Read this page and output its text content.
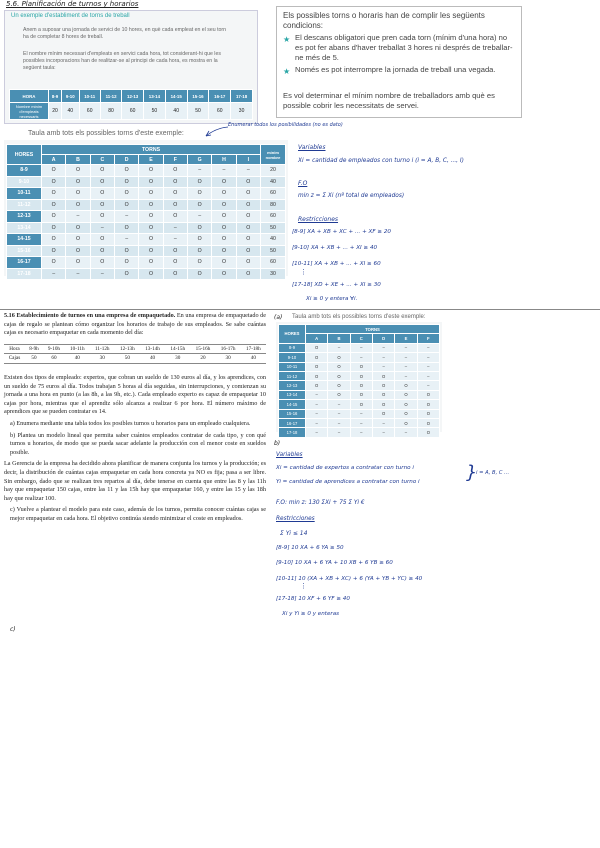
5.6. Planificación de turnos y horarios
Un exemple d'establiment de torns de treball
Anem a suposar una jornada de servici de 10 hores, en què cada empleat en el seu torn ha de completar 8 hores de treball.
El nombre mínim necessari d'empleats en servici cada hora, tot considerant-hi que les possibles incorporacions han de realitzar-se al principi de cada hora, es mostra en la següent taula:
HORA	8-9	9-10	10-11	11-12	12-13	13-14	14-15	15-16	16-17	17-18
Nombre mínim d'empleats necessaris	20	40	60	80	60	50	40	50	60	30
Els possibles torns o horaris han de complir les següents condicions:
★ El descans obligatori que pren cada torn (mínim d'una hora) no es pot fer abans d'haver treballat 3 hores ni després de treballar-ne més de 5.
★ Només es pot interrompre la jornada de treball una vegada.
Es vol determinar el mínim nombre de treballadors amb què es possible cobrir les necessitats de servei.
Taula amb tots els possibles torns d'este exemple:
Enumerar todos los posibilidades (no es dato)
HORES	TORNS									mínim nombre
	A	B	C	D	E	F	G	H	I	
8-9	O	O	O	O	O	O	–	–	–	20
9-10	O	O	O	O	O	O	O	O	O	40
10-11	O	O	O	O	O	O	O	O	O	60
11-12	O	O	O	O	O	O	O	O	O	80
12-13	O	–	O	–	O	O	–	O	O	60
13-14	O	O	–	O	O	–	O	O	O	50
14-15	O	O	O	–	O	–	O	O	O	40
15-16	O	O	O	O	O	O	O	O	O	50
16-17	O	O	O	O	O	O	O	O	O	60
17-18	–	–	–	O	O	O	O	O	O	30
Variables
Xi = cantidad de empleados con turno i (i = A, B, C, ..., I)
F.O
min z = Σ Xi (nº total de empleados)
Restricciones
[8-9] XA + XB + XC + ... + XF ≥ 20
[9-10] XA + XB + ... + XI ≥ 40
[10-11] XA + XB + ... + XI ≥ 60
⋮
[17-18] XD + XE + ... + XI ≥ 30
Xi ≥ 0 y entera ∀i.

5.16 Establecimiento de turnos en una empresa de empaquetado. En una empresa de empaquetado de cajas de regalo se plantean cómo organizar los horarios de trabajo de sus empleados. Se sabe cuántas cajas es necesario empaquetar en cada momento del día:

Hora	8-9h	9-10h	10-11h	11-12h	12-13h	13-14h	14-15h	15-16h	16-17h	17-18h
Cajas	50	60	40	30	50	40	30	20	30	40

Existen dos tipos de empleado: expertos, que cobran un sueldo de 130 euros al día, y los aprendices, con un sueldo de 75 euros al día. Todos trabajan 5 horas al día seguidas, sin interrupciones, y comienzan su jornada a una hora en punto (a las 8h, a las 9h, etc.). Cada empleado experto es capaz de empaquetar 10 cajas por hora, mientras que el aprendiz sólo alcanza a realizar 6 por hora. El número máximo de aprendices que se pueden contratar es 14.

a) Enumera mediante una tabla todos los posibles turnos u horarios para un empleado cualquiera.

b) Plantea un modelo lineal que permita saber cuántos empleados contratar de cada tipo, y con qué turnos u horarios, de modo que se pueda sacar adelante la producción con el menor coste en sueldos posible.

La Gerencia de la empresa ha decidido ahora planificar de manera conjunta los turnos y la producción; es decir, la distribución de cuántas cajas empaquetar en cada hora concreta ya NO es fija; pasa a ser libre. Sin embargo, dado que se realizan tres repartos al día, debe tenerse en cuenta que entre las 8 y las 11h hay que empaquetar 150 cajas, entre las 11 y las 15h hay que empaquetar 160, y entre las 15 y las 18h hay que realizar 100.

c) Vuelve a plantear el modelo para este caso, además de los turnos, permita conocer cuántas cajas se mejor empaquetar en cada hora. El objetivo continúa siendo minimizar el coste en empleados.

c)
(a) Taula amb tots els possibles torns d'este exemple:
HORES	TORNS					
	A	B	C	D	E	F
8-9	O	–	–	–	–	–
9-10	O	O	–	–	–	–
10-11	O	O	O	–	–	–
11-12	O	O	O	O	–	–
12-13	O	O	O	O	O	–
13-14	–	O	O	O	O	O
14-15	–	–	O	O	O	O
15-16	–	–	–	O	O	O
16-17	–	–	–	–	O	O
17-18	–	–	–	–	–	O
b)
Variables
Xi = cantidad de expertos a contratar con turno i
Yi = cantidad de aprendices a contratar con turno i	}
i = A, B, C ...
F.O: min z: 130 ΣXi + 75 Σ Yi €
Restricciones
Σ Yi ≤ 14
[8-9] 10 XA + 6 YA ≥ 50
[9-10] 10 XA + 6 YA + 10 XB + 6 YB ≥ 60
[10-11] 10 (XA + XB + XC) + 6 (YA + YB + YC) ≥ 40
⋮
[17-18] 10 XF + 6 YF ≥ 40
Xi y Yi ≥ 0 y enteras
